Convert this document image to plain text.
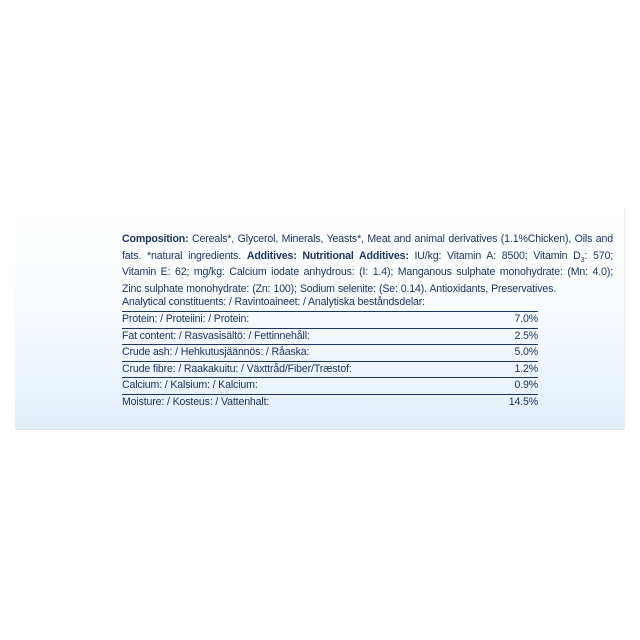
Composition: Cereals*, Glycerol, Minerals, Yeasts*, Meat and animal derivatives (1.1%Chicken), Oils and fats. *natural ingredients. Additives: Nutritional Additives: IU/kg: Vitamin A: 8500; Vitamin $D_3$: 570; Vitamin E: 62; mg/kg: Calcium iodate anhydrous: (I: 1.4); Manganous sulphate monohydrate: (Mn: 4.0); Zinc sulphate monohydrate: (Zn: 100); Sodium selenite: (Se: 0.14). Antioxidants, Preservatives.

Analytical constituents: / Ravintoaineet: / Analytiska beståndsdelar:
Protein: / Proteiini: / Protein:	7.0%
Fat content: / Rasvasisältö: / Fettinnehåll:	2.5%
Crude ash: / Hehkutusjäännös: / Råaska:	5.0%
Crude fibre: / Raakakuitu: / Växttråd/Fiber/Træstof:	1.2%
Calcium: / Kalsium: / Kalcium:	0.9%
Moisture: / Kosteus: / Vattenhalt:	14.5%
